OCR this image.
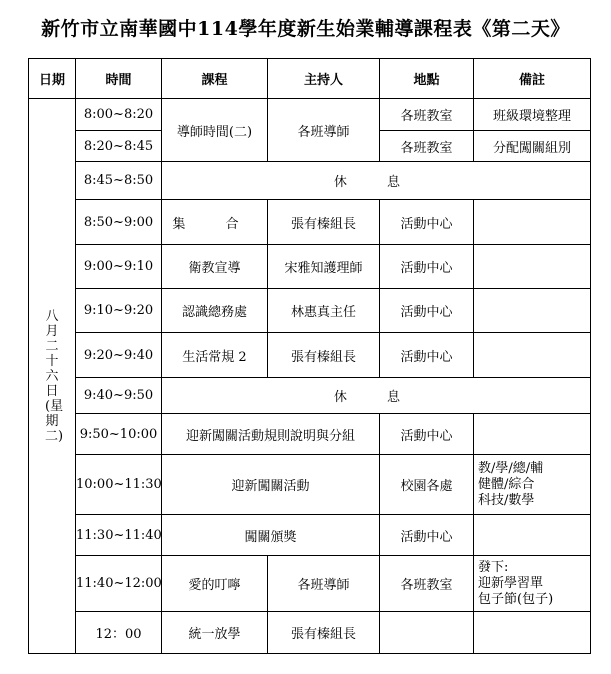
新竹市立南華國中114學年度新生始業輔導課程表《第二天》
日期	時間	課程	主持人	地點	備註
八月二十六日(星期二)	8:00~8:20	導師時間(二)	各班導師	各班教室	班級環境整理
	8:20~8:45			各班教室	分配闖關組別
	8:45~8:50	休 息			
	8:50~9:00	集 合	張有榛組長	活動中心	
	9:00~9:10	衛教宣導	宋雅知護理師	活動中心	
	9:10~9:20	認識總務處	林惠真主任	活動中心	
	9:20~9:40	生活常規 2	張有榛組長	活動中心	
	9:40~9:50	休 息			
	9:50~10:00	迎新闖關活動規則說明與分組		活動中心	
	10:00~11:30	迎新闖關活動		校園各處	教/學/總/輔
健體/綜合
科技/數學

	11:30~11:40	闖關頒獎		活動中心	
	11:40~12:00	愛的叮嚀	各班導師	各班教室	發下:
迎新學習單
包子節(包子)

	12：00	統一放學	張有榛組長		
